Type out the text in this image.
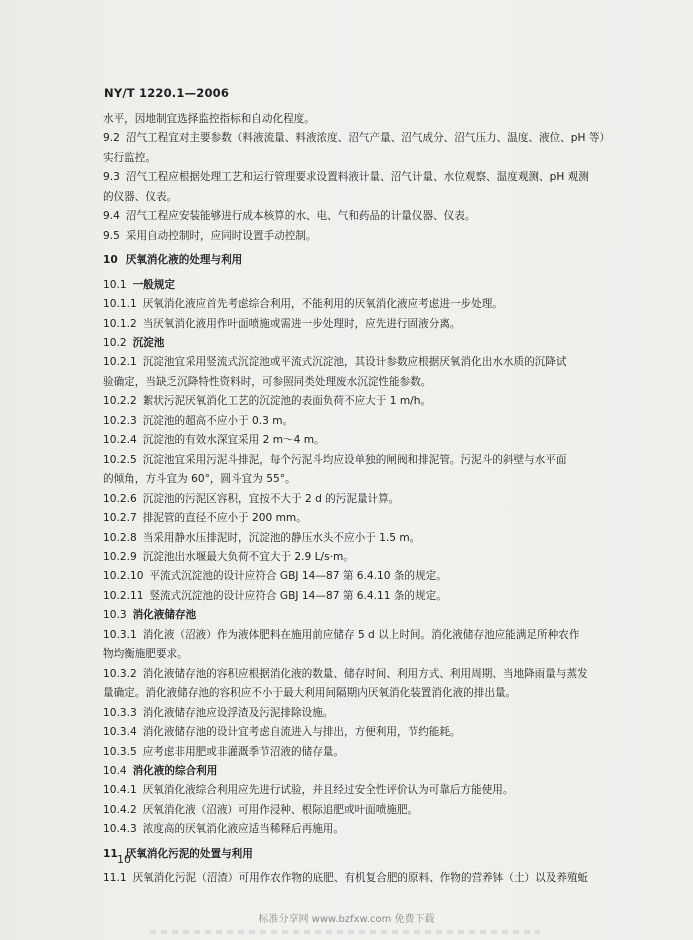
NY/T 1220.1—2006
水平，因地制宜选择监控指标和自动化程度。
9.2 沼气工程宜对主要参数（料液流量、料液浓度、沼气产量、沼气成分、沼气压力、温度、液位、pH 等）
实行监控。
9.3 沼气工程应根据处理工艺和运行管理要求设置料液计量、沼气计量、水位观察、温度观测、pH 观测
的仪器、仪表。
9.4 沼气工程应安装能够进行成本核算的水、电、气和药品的计量仪器、仪表。
9.5 采用自动控制时，应同时设置手动控制。
10 厌氧消化液的处理与利用
10.1 一般规定
10.1.1 厌氧消化液应首先考虑综合利用，不能利用的厌氧消化液应考虑进一步处理。
10.1.2 当厌氧消化液用作叶面喷施或需进一步处理时，应先进行固液分离。
10.2 沉淀池
10.2.1 沉淀池宜采用竖流式沉淀池或平流式沉淀池，其设计参数应根据厌氧消化出水水质的沉降试
验确定，当缺乏沉降特性资料时，可参照同类处理废水沉淀性能参数。
10.2.2 絮状污泥厌氧消化工艺的沉淀池的表面负荷不应大于 1 m/h。
10.2.3 沉淀池的超高不应小于 0.3 m。
10.2.4 沉淀池的有效水深宜采用 2 m～4 m。
10.2.5 沉淀池宜采用污泥斗排泥，每个污泥斗均应设单独的闸阀和排泥管。污泥斗的斜壁与水平面
的倾角，方斗宜为 60°，圆斗宜为 55°。
10.2.6 沉淀池的污泥区容积，宜按不大于 2 d 的污泥量计算。
10.2.7 排泥管的直径不应小于 200 mm。
10.2.8 当采用静水压排泥时，沉淀池的静压水头不应小于 1.5 m。
10.2.9 沉淀池出水堰最大负荷不宜大于 2.9 L/s·m。
10.2.10 平流式沉淀池的设计应符合 GBJ 14—87 第 6.4.10 条的规定。
10.2.11 竖流式沉淀池的设计应符合 GBJ 14—87 第 6.4.11 条的规定。
10.3 消化液储存池
10.3.1 消化液（沼液）作为液体肥料在施用前应储存 5 d 以上时间。消化液储存池应能满足所种农作
物均衡施肥要求。
10.3.2 消化液储存池的容积应根据消化液的数量、储存时间、利用方式、利用周期、当地降雨量与蒸发
量确定。消化液储存池的容积应不小于最大利用间隔期内厌氧消化装置消化液的排出量。
10.3.3 消化液储存池应设浮渣及污泥排除设施。
10.3.4 消化液储存池的设计宜考虑自流进入与排出，方便利用，节约能耗。
10.3.5 应考虑非用肥或非灌溉季节沼液的储存量。
10.4 消化液的综合利用
10.4.1 厌氧消化液综合利用应先进行试验，并且经过安全性评价认为可靠后方能使用。
10.4.2 厌氧消化液（沼液）可用作浸种、根际追肥或叶面喷施肥。
10.4.3 浓度高的厌氧消化液应适当稀释后再施用。
11 厌氧消化污泥的处置与利用
11.1 厌氧消化污泥（沼渣）可用作农作物的底肥、有机复合肥的原料、作物的营养钵（土）以及养殖蚯
10
标准分享网 www.bzfxw.com 免费下载
